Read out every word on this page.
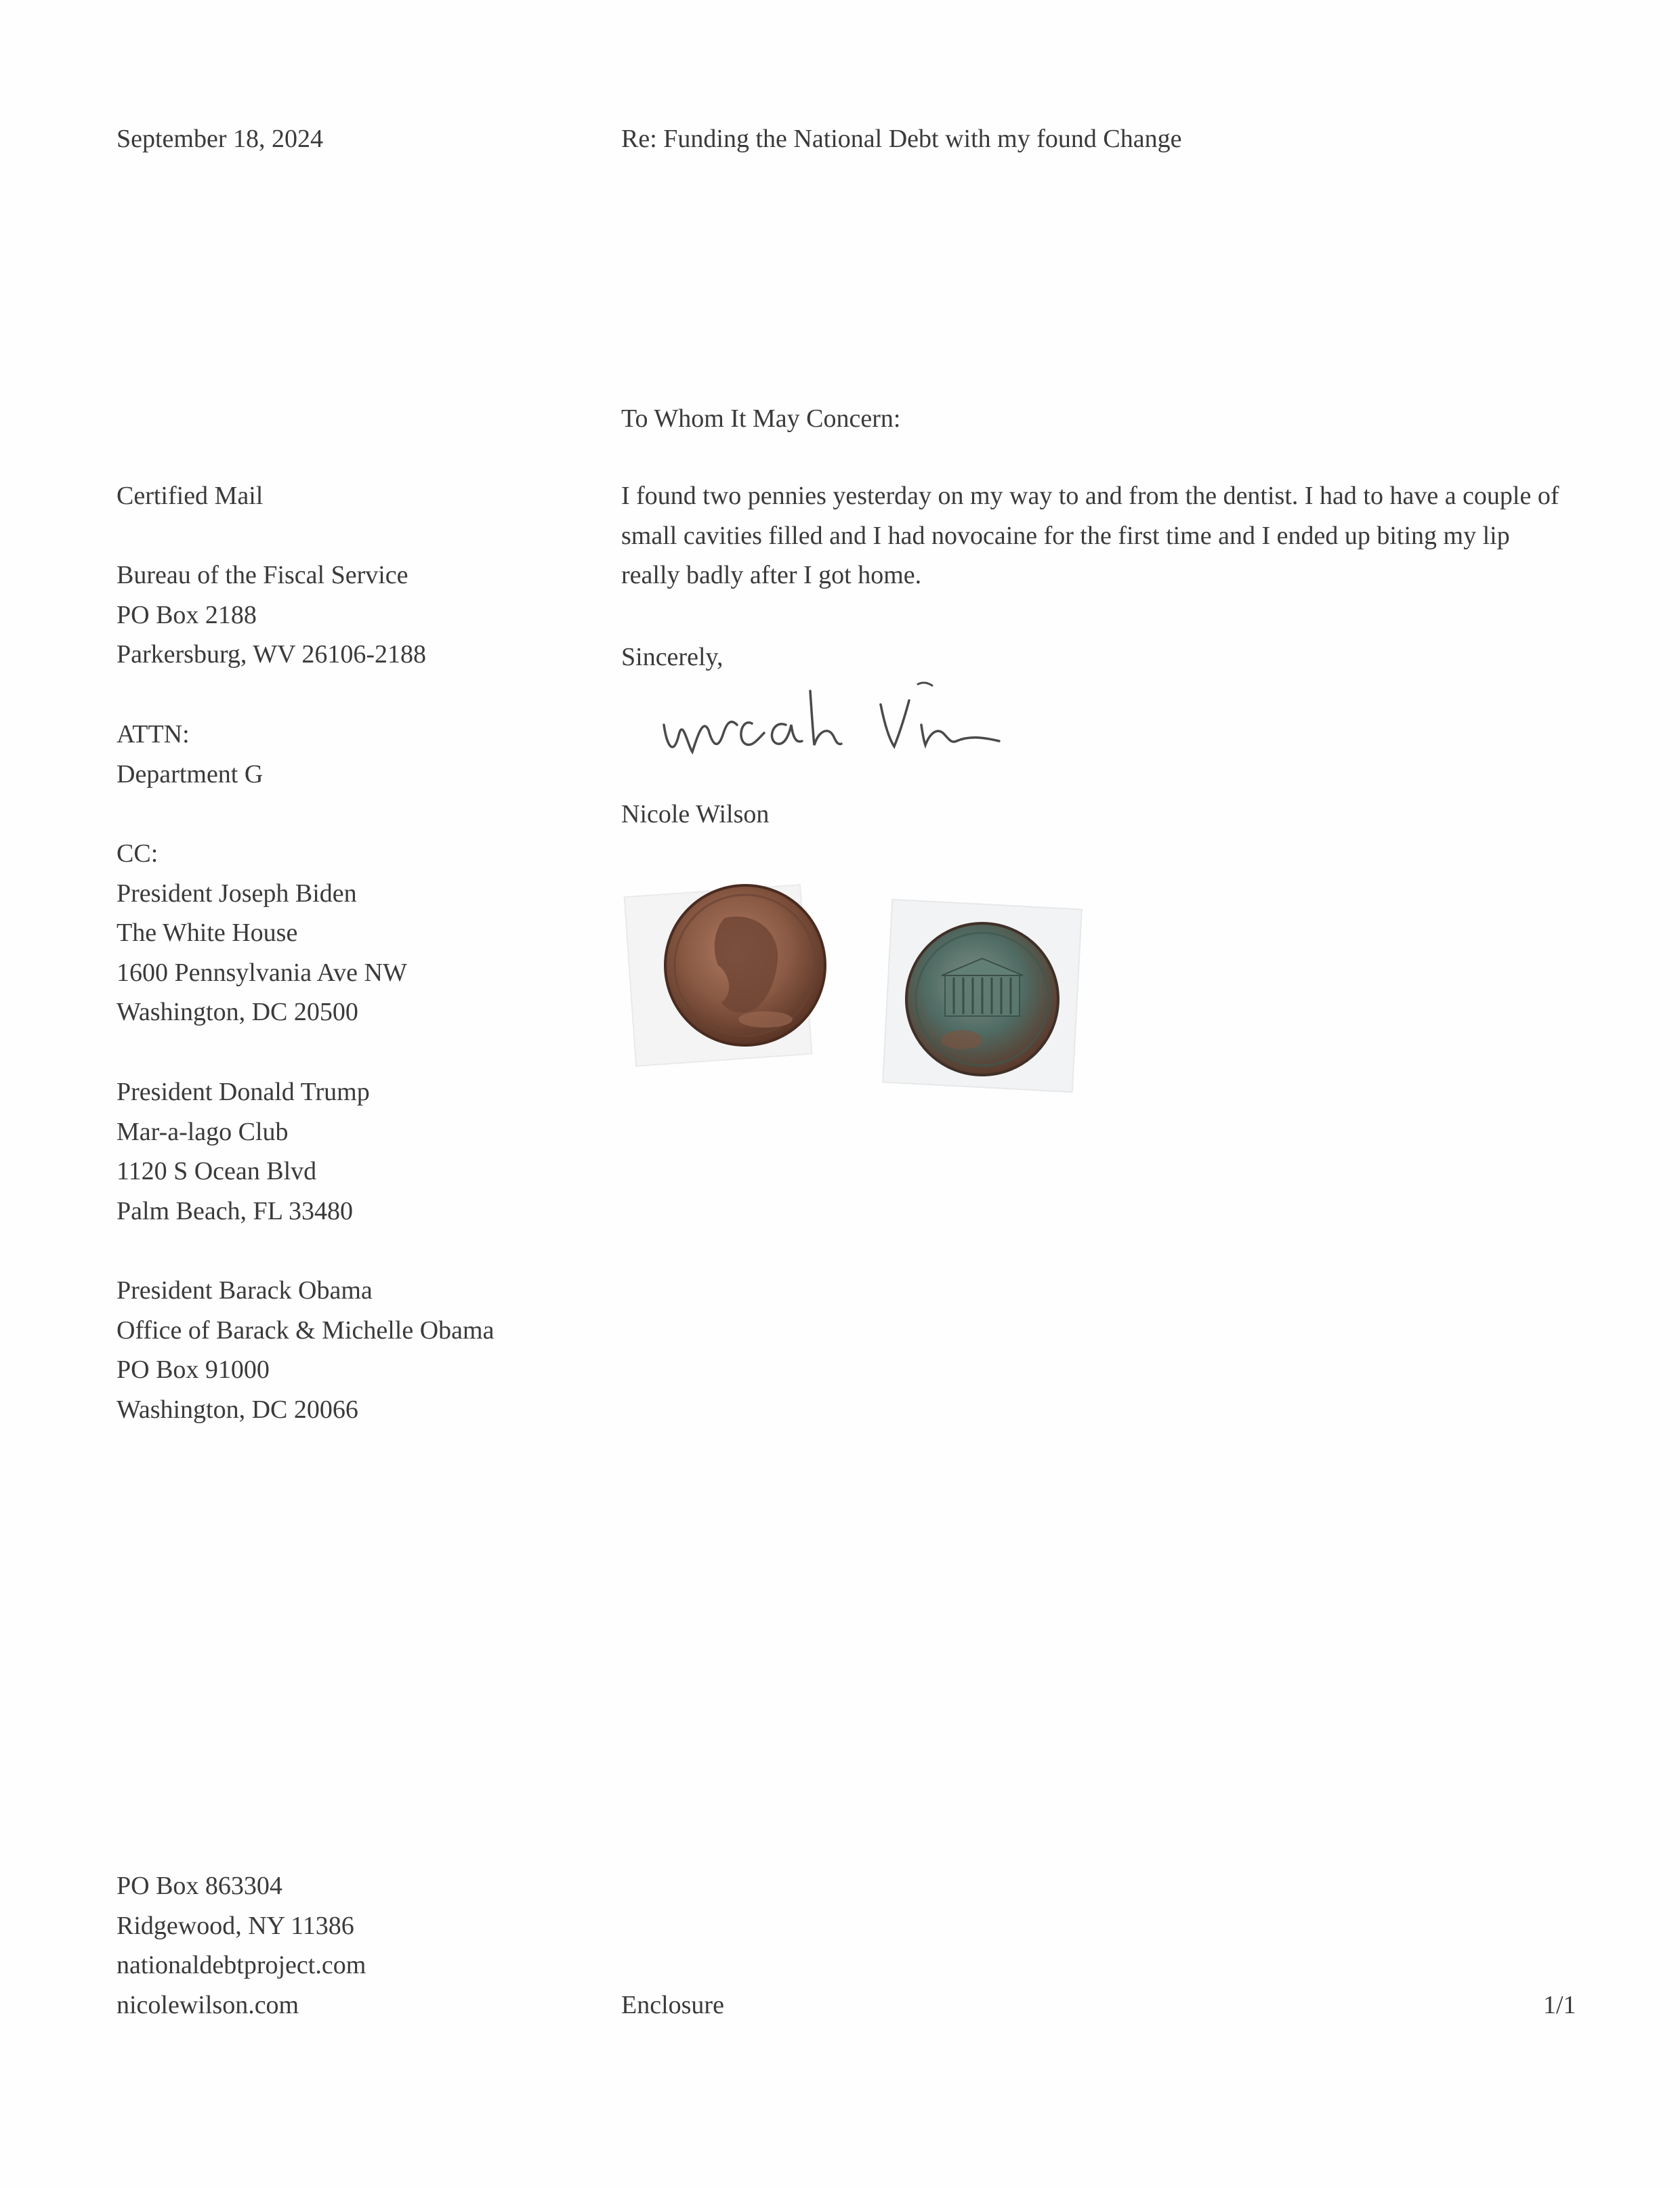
September 18, 2024	Re: Funding the National Debt with my found Change

To Whom It May Concern:

I found two pennies yesterday on my way to and from the dentist. I had to have a couple of small cavities filled and I had novocaine for the first time and I ended up biting my lip really badly after I got home.

Sincerely,

Nicole Wilson

Certified Mail

Bureau of the Fiscal Service
PO Box 2188
Parkersburg, WV 26106-2188
ATTN:
Department G
CC:
President Joseph Biden
The White House
1600 Pennsylvania Ave NW
Washington, DC 20500
President Donald Trump
Mar-a-lago Club
1120 S Ocean Blvd
Palm Beach, FL 33480
President Barack Obama
Office of Barack & Michelle Obama
PO Box 91000
Washington, DC 20066
PO Box 863304
Ridgewood, NY 11386
nationaldebtproject.com
nicolewilson.com	Enclosure	1/1
